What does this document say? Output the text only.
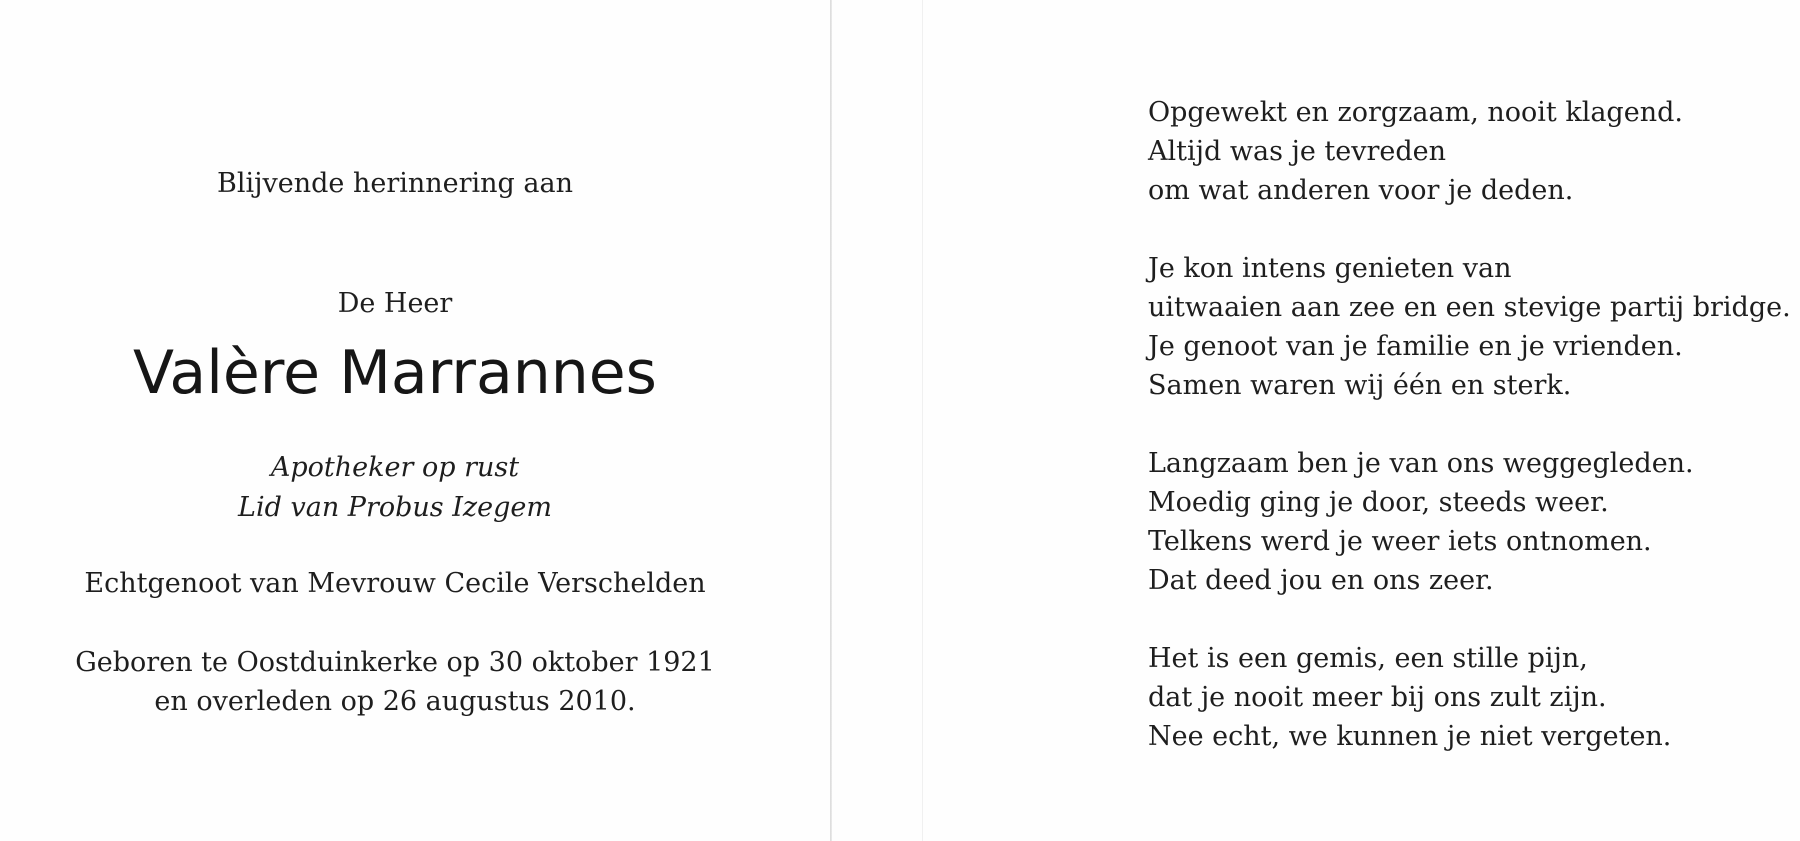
Blijvende herinnering aan
De Heer
Valère Marrannes
Apotheker op rust
Lid van Probus Izegem
Echtgenoot van Mevrouw Cecile Verschelden
Geboren te Oostduinkerke op 30 oktober 1921
en overleden op 26 augustus 2010.
Opgewekt en zorgzaam, nooit klagend.
Altijd was je tevreden
om wat anderen voor je deden.
Je kon intens genieten van
uitwaaien aan zee en een stevige partij bridge.
Je genoot van je familie en je vrienden.
Samen waren wij één en sterk.
Langzaam ben je van ons weggegleden.
Moedig ging je door, steeds weer.
Telkens werd je weer iets ontnomen.
Dat deed jou en ons zeer.
Het is een gemis, een stille pijn,
dat je nooit meer bij ons zult zijn.
Nee echt, we kunnen je niet vergeten.
